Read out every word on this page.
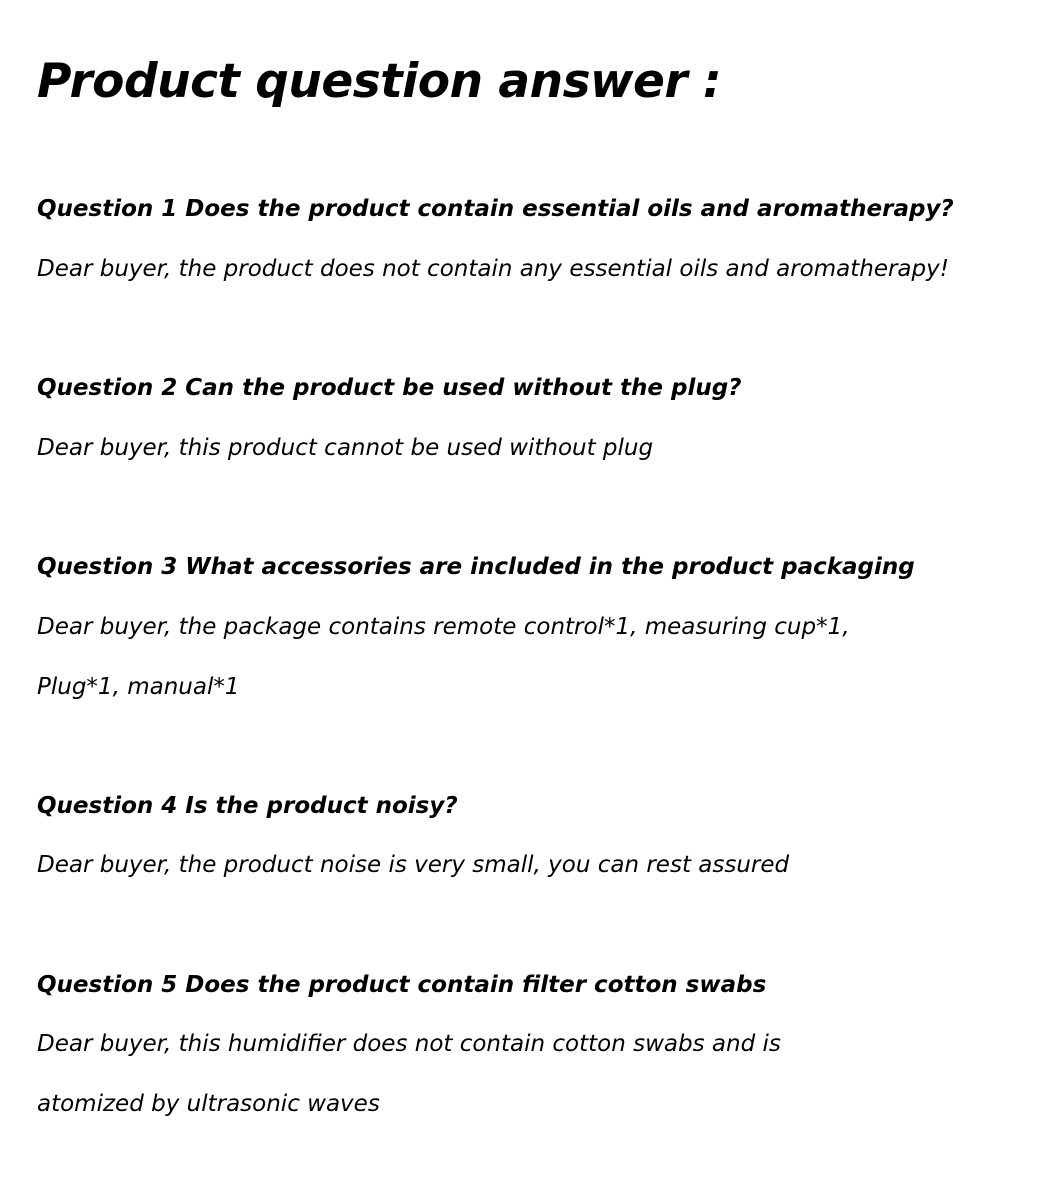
Product question answer :

Question 1 Does the product contain essential oils and aromatherapy?

Dear buyer, the product does not contain any essential oils and aromatherapy!

Question 2 Can the product be used without the plug?

Dear buyer, this product cannot be used without plug

Question 3 What accessories are included in the product packaging

Dear buyer, the package contains remote control*1, measuring cup*1,

Plug*1, manual*1

Question 4 Is the product noisy?

Dear buyer, the product noise is very small, you can rest assured

Question 5 Does the product contain filter cotton swabs

Dear buyer, this humidifier does not contain cotton swabs and is

atomized by ultrasonic waves
